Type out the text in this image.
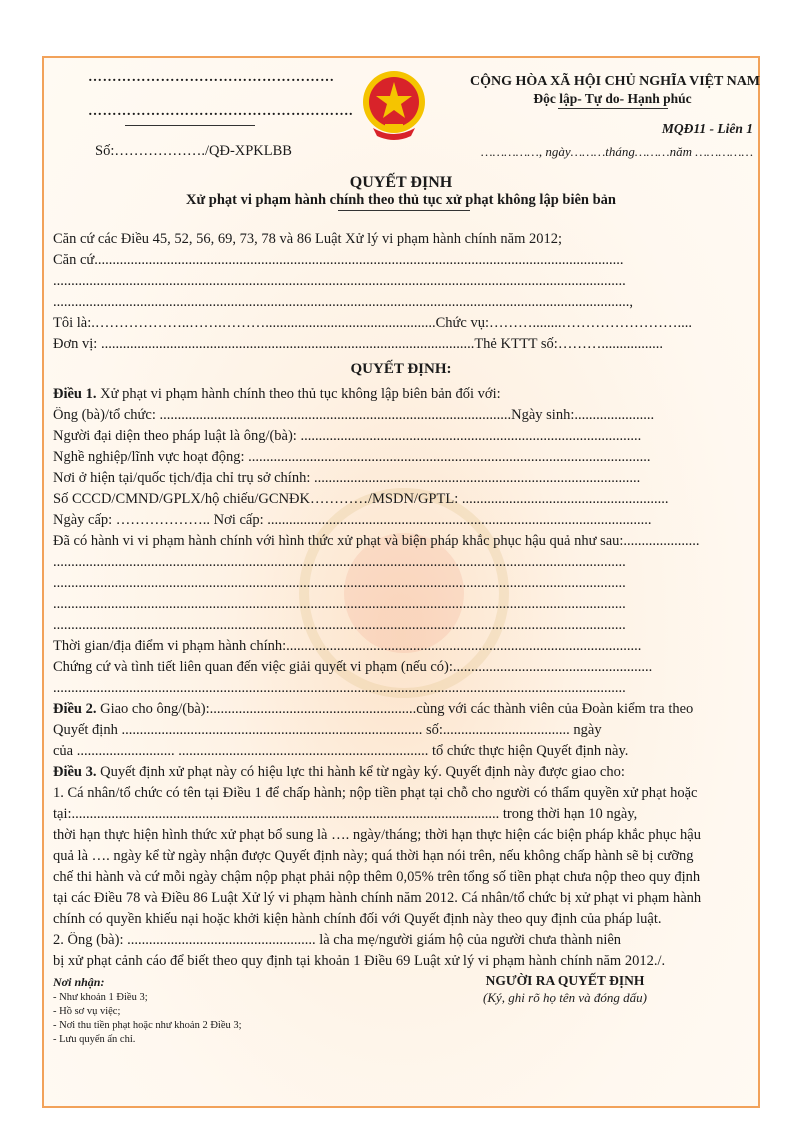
……………………………………………
……………………………………………….
Số:………………./QĐ-XPKLBB
CỘNG HÒA XÃ HỘI CHỦ NGHĨA VIỆT NAM
Độc lập- Tự do- Hạnh phúc
MQĐ11 - Liên 1
……………, ngày………tháng………năm ……………
QUYẾT ĐỊNH
Xử phạt vi phạm hành chính theo thủ tục xử phạt không lập biên bản
Căn cứ các Điều 45, 52, 56, 69, 73, 78 và 86 Luật Xử lý vi phạm hành chính năm 2012;
Căn cứ..................................................................................................................................................
..............................................................................................................................................................
...............................................................................................................................................................,
Tôi là:.………………..…….………...............................................Chức vụ:………........……………………....
Đơn vị: .......................................................................................................Thẻ KTTT số:……….................
QUYẾT ĐỊNH:
Điều 1. Xử phạt vi phạm hành chính theo thủ tục không lập biên bản đối với:
Ông (bà)/tổ chức: .................................................................................................Ngày sinh:......................
Người đại diện theo pháp luật là ông/(bà): ..............................................................................................
Nghề nghiệp/lĩnh vực hoạt động: ...............................................................................................................
Nơi ở hiện tại/quốc tịch/địa chỉ trụ sở chính: ..........................................................................................
Số CCCD/CMND/GPLX/hộ chiếu/GCNĐK…………/MSDN/GPTL: .........................................................
Ngày cấp: ……………….. Nơi cấp: ..........................................................................................................
Đã có hành vi vi phạm hành chính với hình thức xử phạt và biện pháp khắc phục hậu quả như sau:.....................
..............................................................................................................................................................
..............................................................................................................................................................
..............................................................................................................................................................
..............................................................................................................................................................
Thời gian/địa điểm vi phạm hành chính:..................................................................................................
Chứng cứ và tình tiết liên quan đến việc giải quyết vi phạm (nếu có):.......................................................
..............................................................................................................................................................
Điều 2. Giao cho ông/(bà):.........................................................cùng với các thành viên của Đoàn kiểm tra theo
Quyết định ................................................................................... số:................................... ngày
của ........................... ..................................................................... tổ chức thực hiện Quyết định này.
Điều 3. Quyết định xử phạt này có hiệu lực thi hành kể từ ngày ký. Quyết định này được giao cho:
1. Cá nhân/tổ chức có tên tại Điều 1 để chấp hành; nộp tiền phạt tại chỗ cho người có thẩm quyền xử phạt hoặc
tại:...................................................................................................................... trong thời hạn 10 ngày,
thời hạn thực hiện hình thức xử phạt bổ sung là …. ngày/tháng; thời hạn thực hiện các biện pháp khắc phục hậu
quả là …. ngày kể từ ngày nhận được Quyết định này; quá thời hạn nói trên, nếu không chấp hành sẽ bị cưỡng
chế thi hành và cứ mỗi ngày chậm nộp phạt phải nộp thêm 0,05% trên tổng số tiền phạt chưa nộp theo quy định
tại các Điều 78 và Điều 86 Luật Xử lý vi phạm hành chính năm 2012. Cá nhân/tổ chức bị xử phạt vi phạm hành
chính có quyền khiếu nại hoặc khởi kiện hành chính đối với Quyết định này theo quy định của pháp luật.
2. Ông (bà): .................................................... là cha mẹ/người giám hộ của người chưa thành niên
bị xử phạt cảnh cáo để biết theo quy định tại khoản 1 Điều 69 Luật xử lý vi phạm hành chính năm 2012./.
Nơi nhận:
- Như khoản 1 Điều 3;
- Hồ sơ vụ việc;
- Nơi thu tiền phạt hoặc như khoản 2 Điều 3;
- Lưu quyển ấn chỉ.
NGƯỜI RA QUYẾT ĐỊNH
(Ký, ghi rõ họ tên và đóng dấu)
